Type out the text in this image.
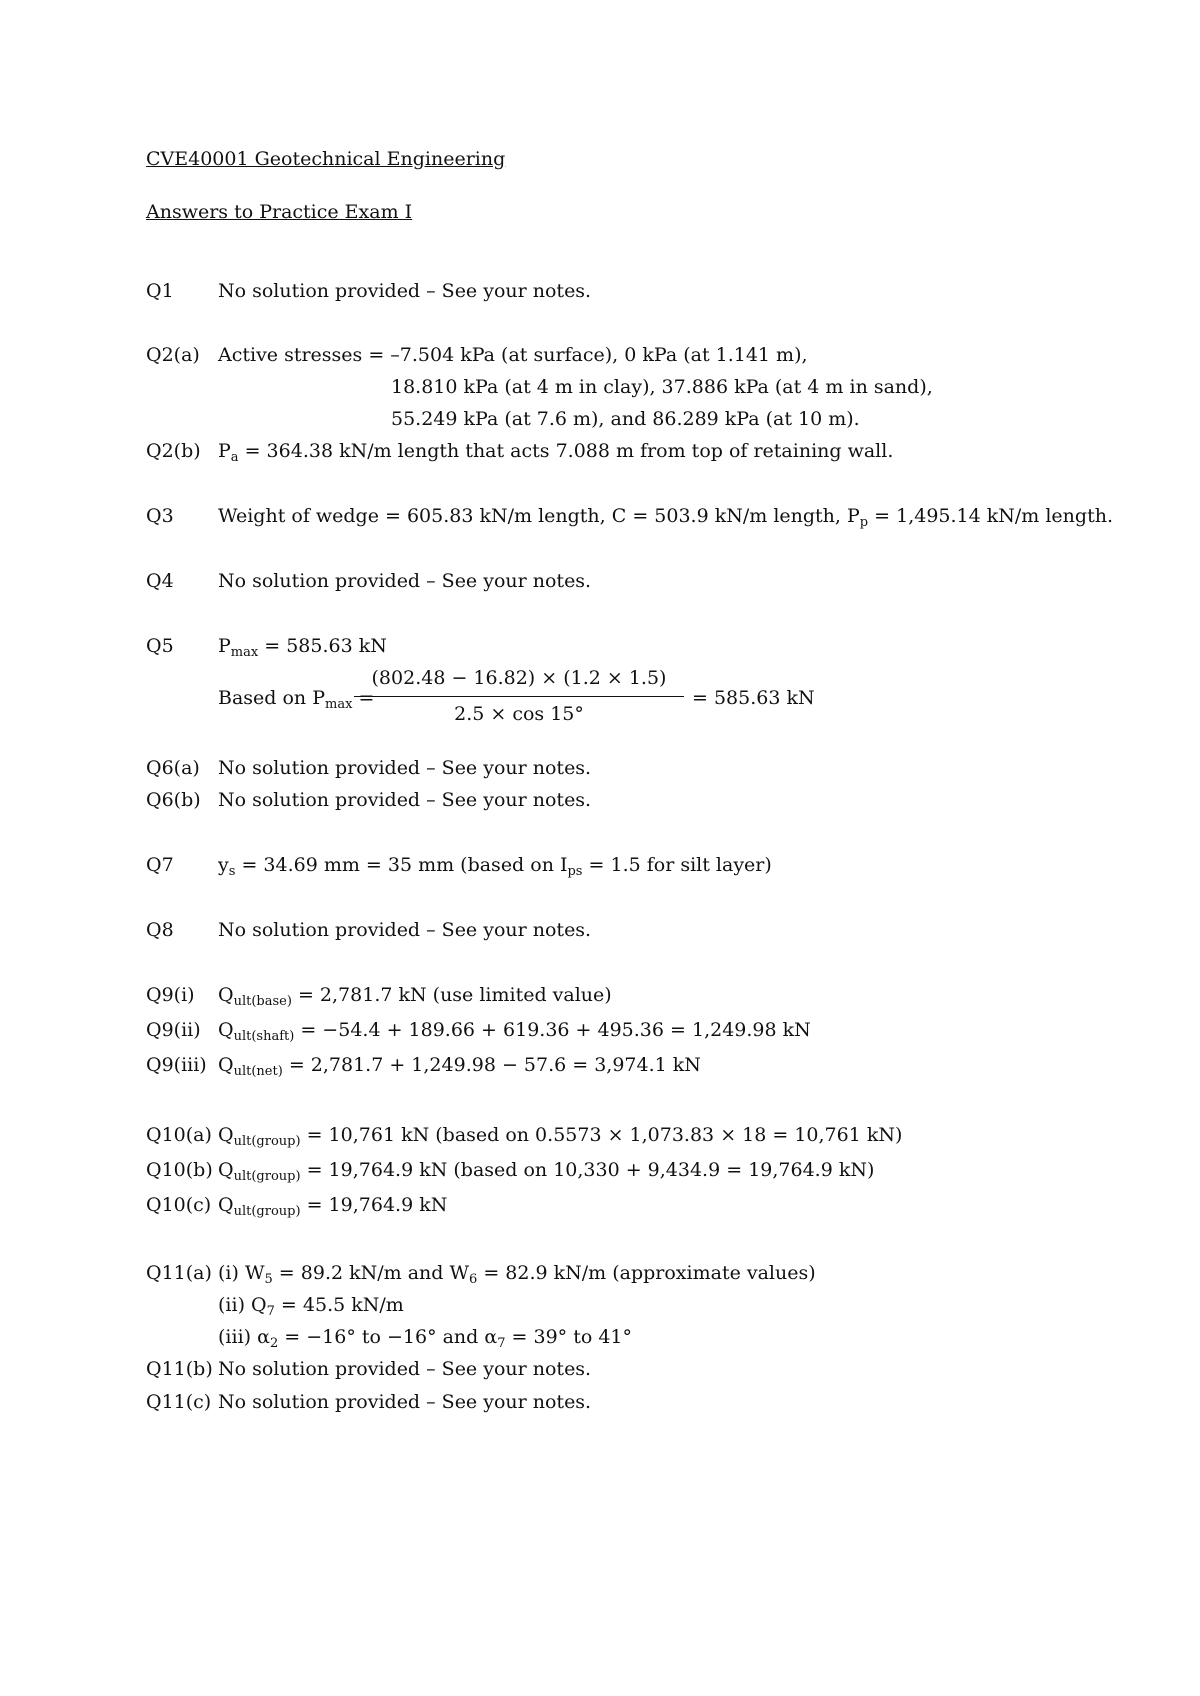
CVE40001 Geotechnical Engineering
Answers to Practice Exam I
Q1 No solution provided – See your notes.
Q2(a) Active stresses = –7.504 kPa (at surface), 0 kPa (at 1.141 m),
18.810 kPa (at 4 m in clay), 37.886 kPa (at 4 m in sand),
55.249 kPa (at 7.6 m), and 86.289 kPa (at 10 m).
Q2(b) $P_a = 364.38$ kN/m length that acts 7.088 m from top of retaining wall.
Q3 Weight of wedge = 605.83 kN/m length, C = 503.9 kN/m length, $P_p = 1,495.14$ kN/m length.
Q4 No solution provided – See your notes.
Q5 $P_{max} = 585.63$ kN
Based on $P_{max}$ =
(802.48 − 16.82) × (1.2 × 1.5)
2.5 × cos 15°
= 585.63 kN
Q6(a) No solution provided – See your notes.
Q6(b) No solution provided – See your notes.
Q7 $y_s = 34.69$ mm = 35 mm (based on $I_{ps} = 1.5$ for silt layer)
Q8 No solution provided – See your notes.
Q9(i) $Q_{ult(base)} = 2,781.7$ kN (use limited value)
Q9(ii) $Q_{ult(shaft)} = -54.4 + 189.66 + 619.36 + 495.36 = 1,249.98$ kN
Q9(iii) $Q_{ult(net)} = 2,781.7 + 1,249.98 - 57.6 = 3,974.1$ kN
Q10(a) $Q_{ult(group)} = 10,761$ kN (based on 0.5573 × 1,073.83 × 18 = 10,761 kN)
Q10(b) $Q_{ult(group)} = 19,764.9$ kN (based on 10,330 + 9,434.9 = 19,764.9 kN)
Q10(c) $Q_{ult(group)} = 19,764.9$ kN
Q11(a) (i) $W_5 = 89.2$ kN/m and $W_6 = 82.9$ kN/m (approximate values)
(ii) $Q_7 = 45.5$ kN/m
(iii) $\alpha_2 = -16^\circ$ to −16° and $\alpha_7 = 39^\circ$ to 41°
Q11(b) No solution provided – See your notes.
Q11(c) No solution provided – See your notes.
